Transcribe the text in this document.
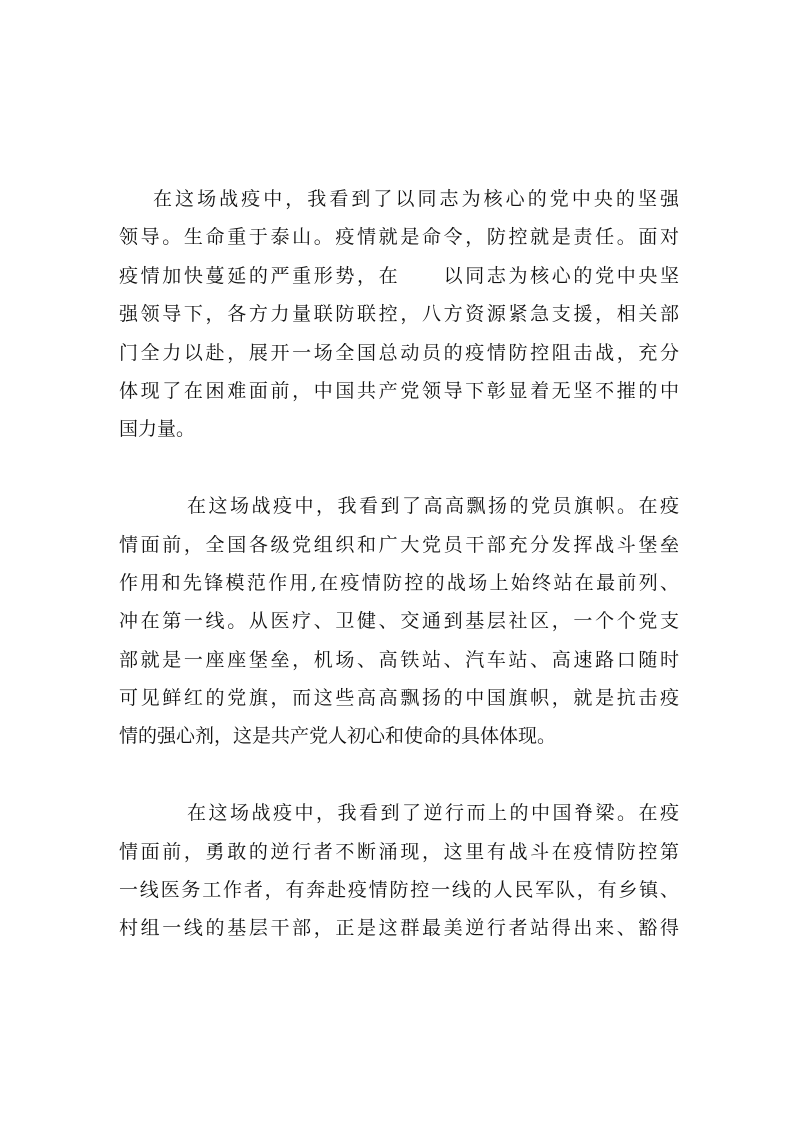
在这场战疫中，我看到了以同志为核心的党中央的坚强
领导。生命重于泰山。疫情就是命令，防控就是责任。面对
疫情加快蔓延的严重形势，在　　以同志为核心的党中央坚
强领导下，各方力量联防联控，八方资源紧急支援，相关部
门全力以赴，展开一场全国总动员的疫情防控阻击战，充分
体现了在困难面前，中国共产党领导下彰显着无坚不摧的中
国力量。
在这场战疫中，我看到了高高飘扬的党员旗帜。在疫
情面前，全国各级党组织和广大党员干部充分发挥战斗堡垒
作用和先锋模范作用,在疫情防控的战场上始终站在最前列、
冲在第一线。从医疗、卫健、交通到基层社区，一个个党支
部就是一座座堡垒，机场、高铁站、汽车站、高速路口随时
可见鲜红的党旗，而这些高高飘扬的中国旗帜，就是抗击疫
情的强心剂，这是共产党人初心和使命的具体体现。
在这场战疫中，我看到了逆行而上的中国脊梁。在疫
情面前，勇敢的逆行者不断涌现，这里有战斗在疫情防控第
一线医务工作者，有奔赴疫情防控一线的人民军队，有乡镇、
村组一线的基层干部，正是这群最美逆行者站得出来、豁得
